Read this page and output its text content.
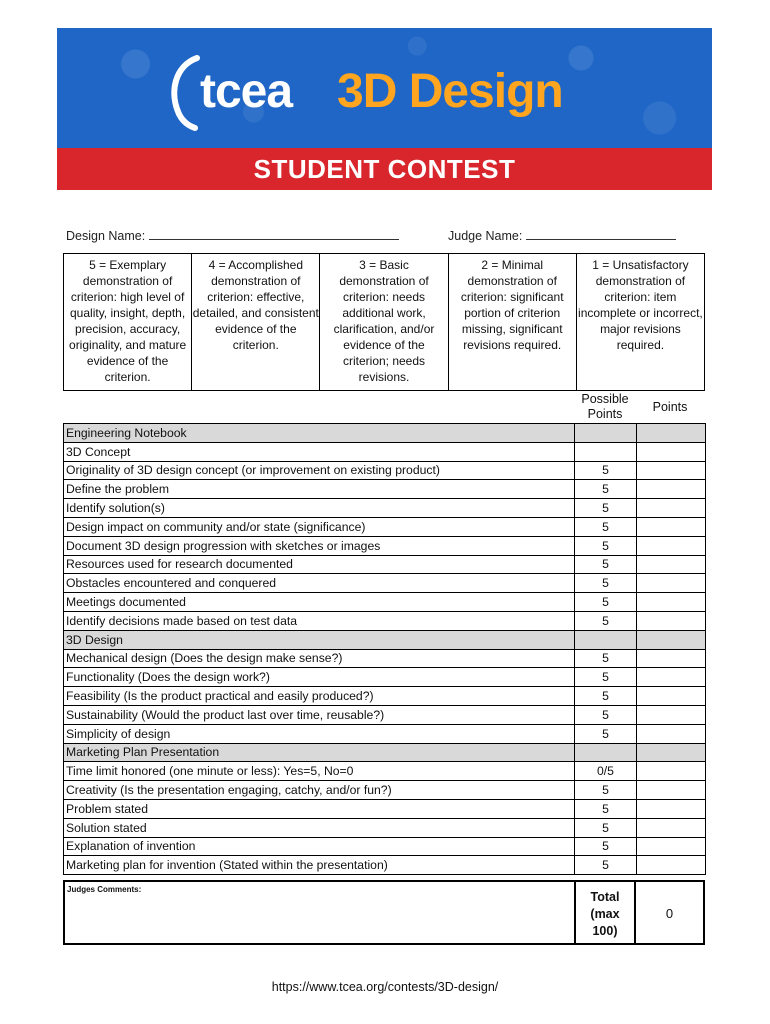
tcea 3D Design
STUDENT CONTEST
Design Name:	Judge Name:
5 = Exemplary demonstration of criterion: high level of quality, insight, depth, precision, accuracy, originality, and mature evidence of the criterion.
4 = Accomplished demonstration of criterion: effective, detailed, and consistent evidence of the criterion.
3 = Basic demonstration of criterion: needs additional work, clarification, and/or evidence of the criterion; needs revisions.
2 = Minimal demonstration of criterion: significant portion of criterion missing, significant revisions required.
1 = Unsatisfactory demonstration of criterion: item incomplete or incorrect, major revisions required.
Possible Points	Points
Engineering Notebook		
3D Concept		
Originality of 3D design concept (or improvement on existing product)	5	
Define the problem	5	
Identify solution(s)	5	
Design impact on community and/or state (significance)	5	
Document 3D design progression with sketches or images	5	
Resources used for research documented	5	
Obstacles encountered and conquered	5	
Meetings documented	5	
Identify decisions made based on test data	5	
3D Design		
Mechanical design (Does the design make sense?)	5	
Functionality (Does the design work?)	5	
Feasibility (Is the product practical and easily produced?)	5	
Sustainability (Would the product last over time, reusable?)	5	
Simplicity of design	5	
Marketing Plan Presentation		
Time limit honored (one minute or less): Yes=5, No=0	0/5	
Creativity (Is the presentation engaging, catchy, and/or fun?)	5	
Problem stated	5	
Solution stated	5	
Explanation of invention	5	
Marketing plan for invention (Stated within the presentation)	5	
Judges Comments:
Total
(max
100)
0
https://www.tcea.org/contests/3D-design/
